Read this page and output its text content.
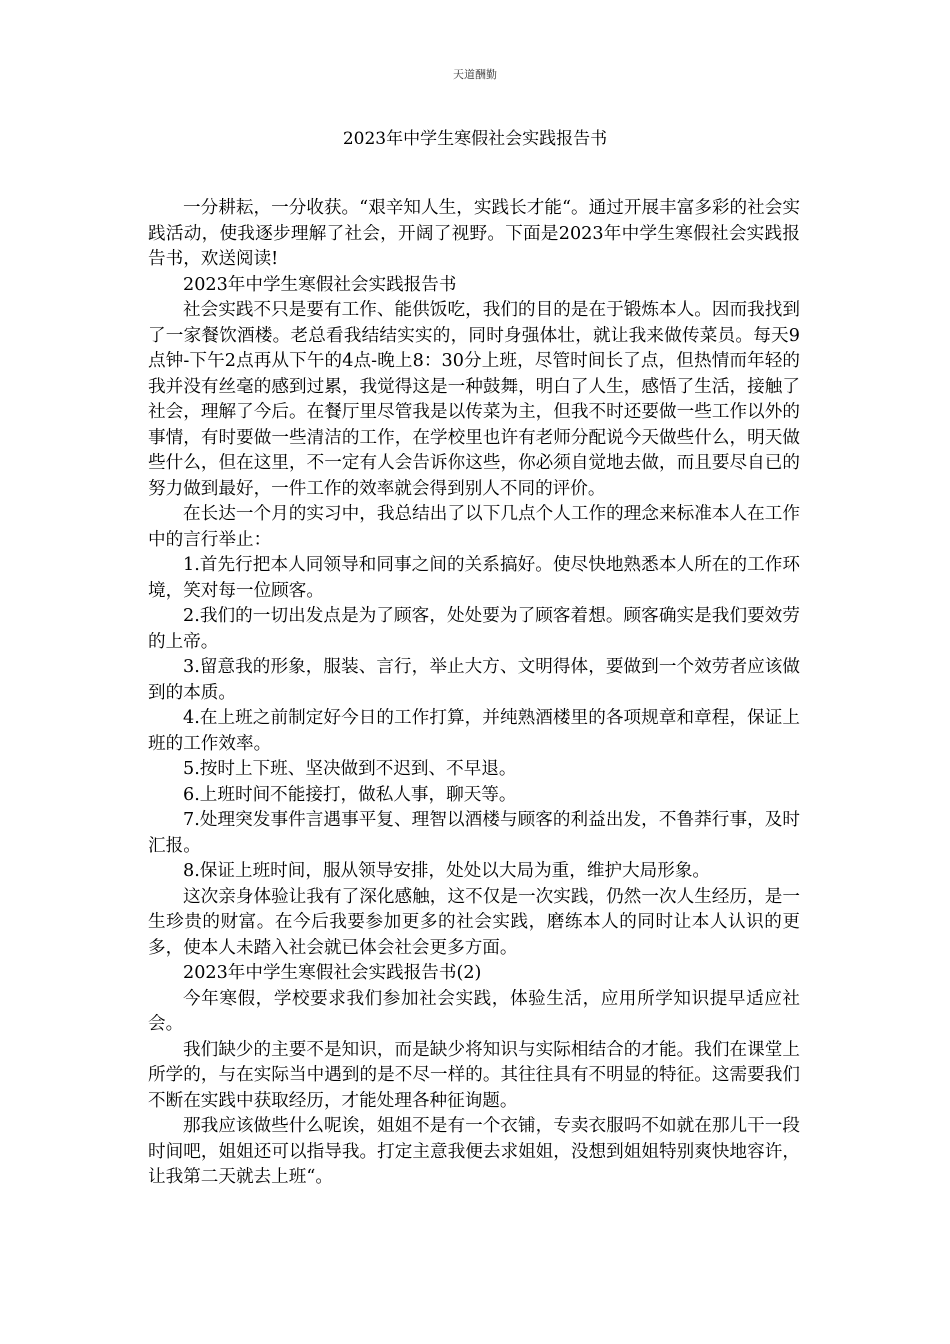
天道酬勤
2023年中学生寒假社会实践报告书

一分耕耘，一分收获。“艰辛知人生，实践长才能“。通过开展丰富多彩的社会实践活动，使我逐步理解了社会，开阔了视野。下面是2023年中学生寒假社会实践报告书，欢送阅读!

2023年中学生寒假社会实践报告书

社会实践不只是要有工作、能供饭吃，我们的目的是在于锻炼本人。因而我找到了一家餐饮酒楼。老总看我结结实实的，同时身强体壮，就让我来做传菜员。每天9点钟-下午2点再从下午的4点-晚上8：30分上班，尽管时间长了点，但热情而年轻的我并没有丝毫的感到过累，我觉得这是一种鼓舞，明白了人生，感悟了生活，接触了社会，理解了今后。在餐厅里尽管我是以传菜为主，但我不时还要做一些工作以外的事情，有时要做一些清洁的工作，在学校里也许有老师分配说今天做些什么，明天做些什么，但在这里，不一定有人会告诉你这些，你必须自觉地去做，而且要尽自已的努力做到最好，一件工作的效率就会得到别人不同的评价。

在长达一个月的实习中，我总结出了以下几点个人工作的理念来标准本人在工作中的言行举止：

1.首先行把本人同领导和同事之间的关系搞好。使尽快地熟悉本人所在的工作环境，笑对每一位顾客。

2.我们的一切出发点是为了顾客，处处要为了顾客着想。顾客确实是我们要效劳的上帝。

3.留意我的形象，服装、言行，举止大方、文明得体，要做到一个效劳者应该做到的本质。

4.在上班之前制定好今日的工作打算，并纯熟酒楼里的各项规章和章程，保证上班的工作效率。

5.按时上下班、坚决做到不迟到、不早退。

6.上班时间不能接打，做私人事，聊天等。

7.处理突发事件言遇事平复、理智以酒楼与顾客的利益出发，不鲁莽行事，及时汇报。

8.保证上班时间，服从领导安排，处处以大局为重，维护大局形象。

这次亲身体验让我有了深化感触，这不仅是一次实践，仍然一次人生经历，是一生珍贵的财富。在今后我要参加更多的社会实践，磨练本人的同时让本人认识的更多，使本人未踏入社会就已体会社会更多方面。

2023年中学生寒假社会实践报告书(2)

今年寒假，学校要求我们参加社会实践，体验生活，应用所学知识提早适应社会。

我们缺少的主要不是知识，而是缺少将知识与实际相结合的才能。我们在课堂上所学的，与在实际当中遇到的是不尽一样的。其往往具有不明显的特征。这需要我们不断在实践中获取经历，才能处理各种征询题。

那我应该做些什么呢诶，姐姐不是有一个衣铺，专卖衣服吗不如就在那儿干一段时间吧，姐姐还可以指导我。打定主意我便去求姐姐，没想到姐姐特别爽快地容许，让我第二天就去上班“。
